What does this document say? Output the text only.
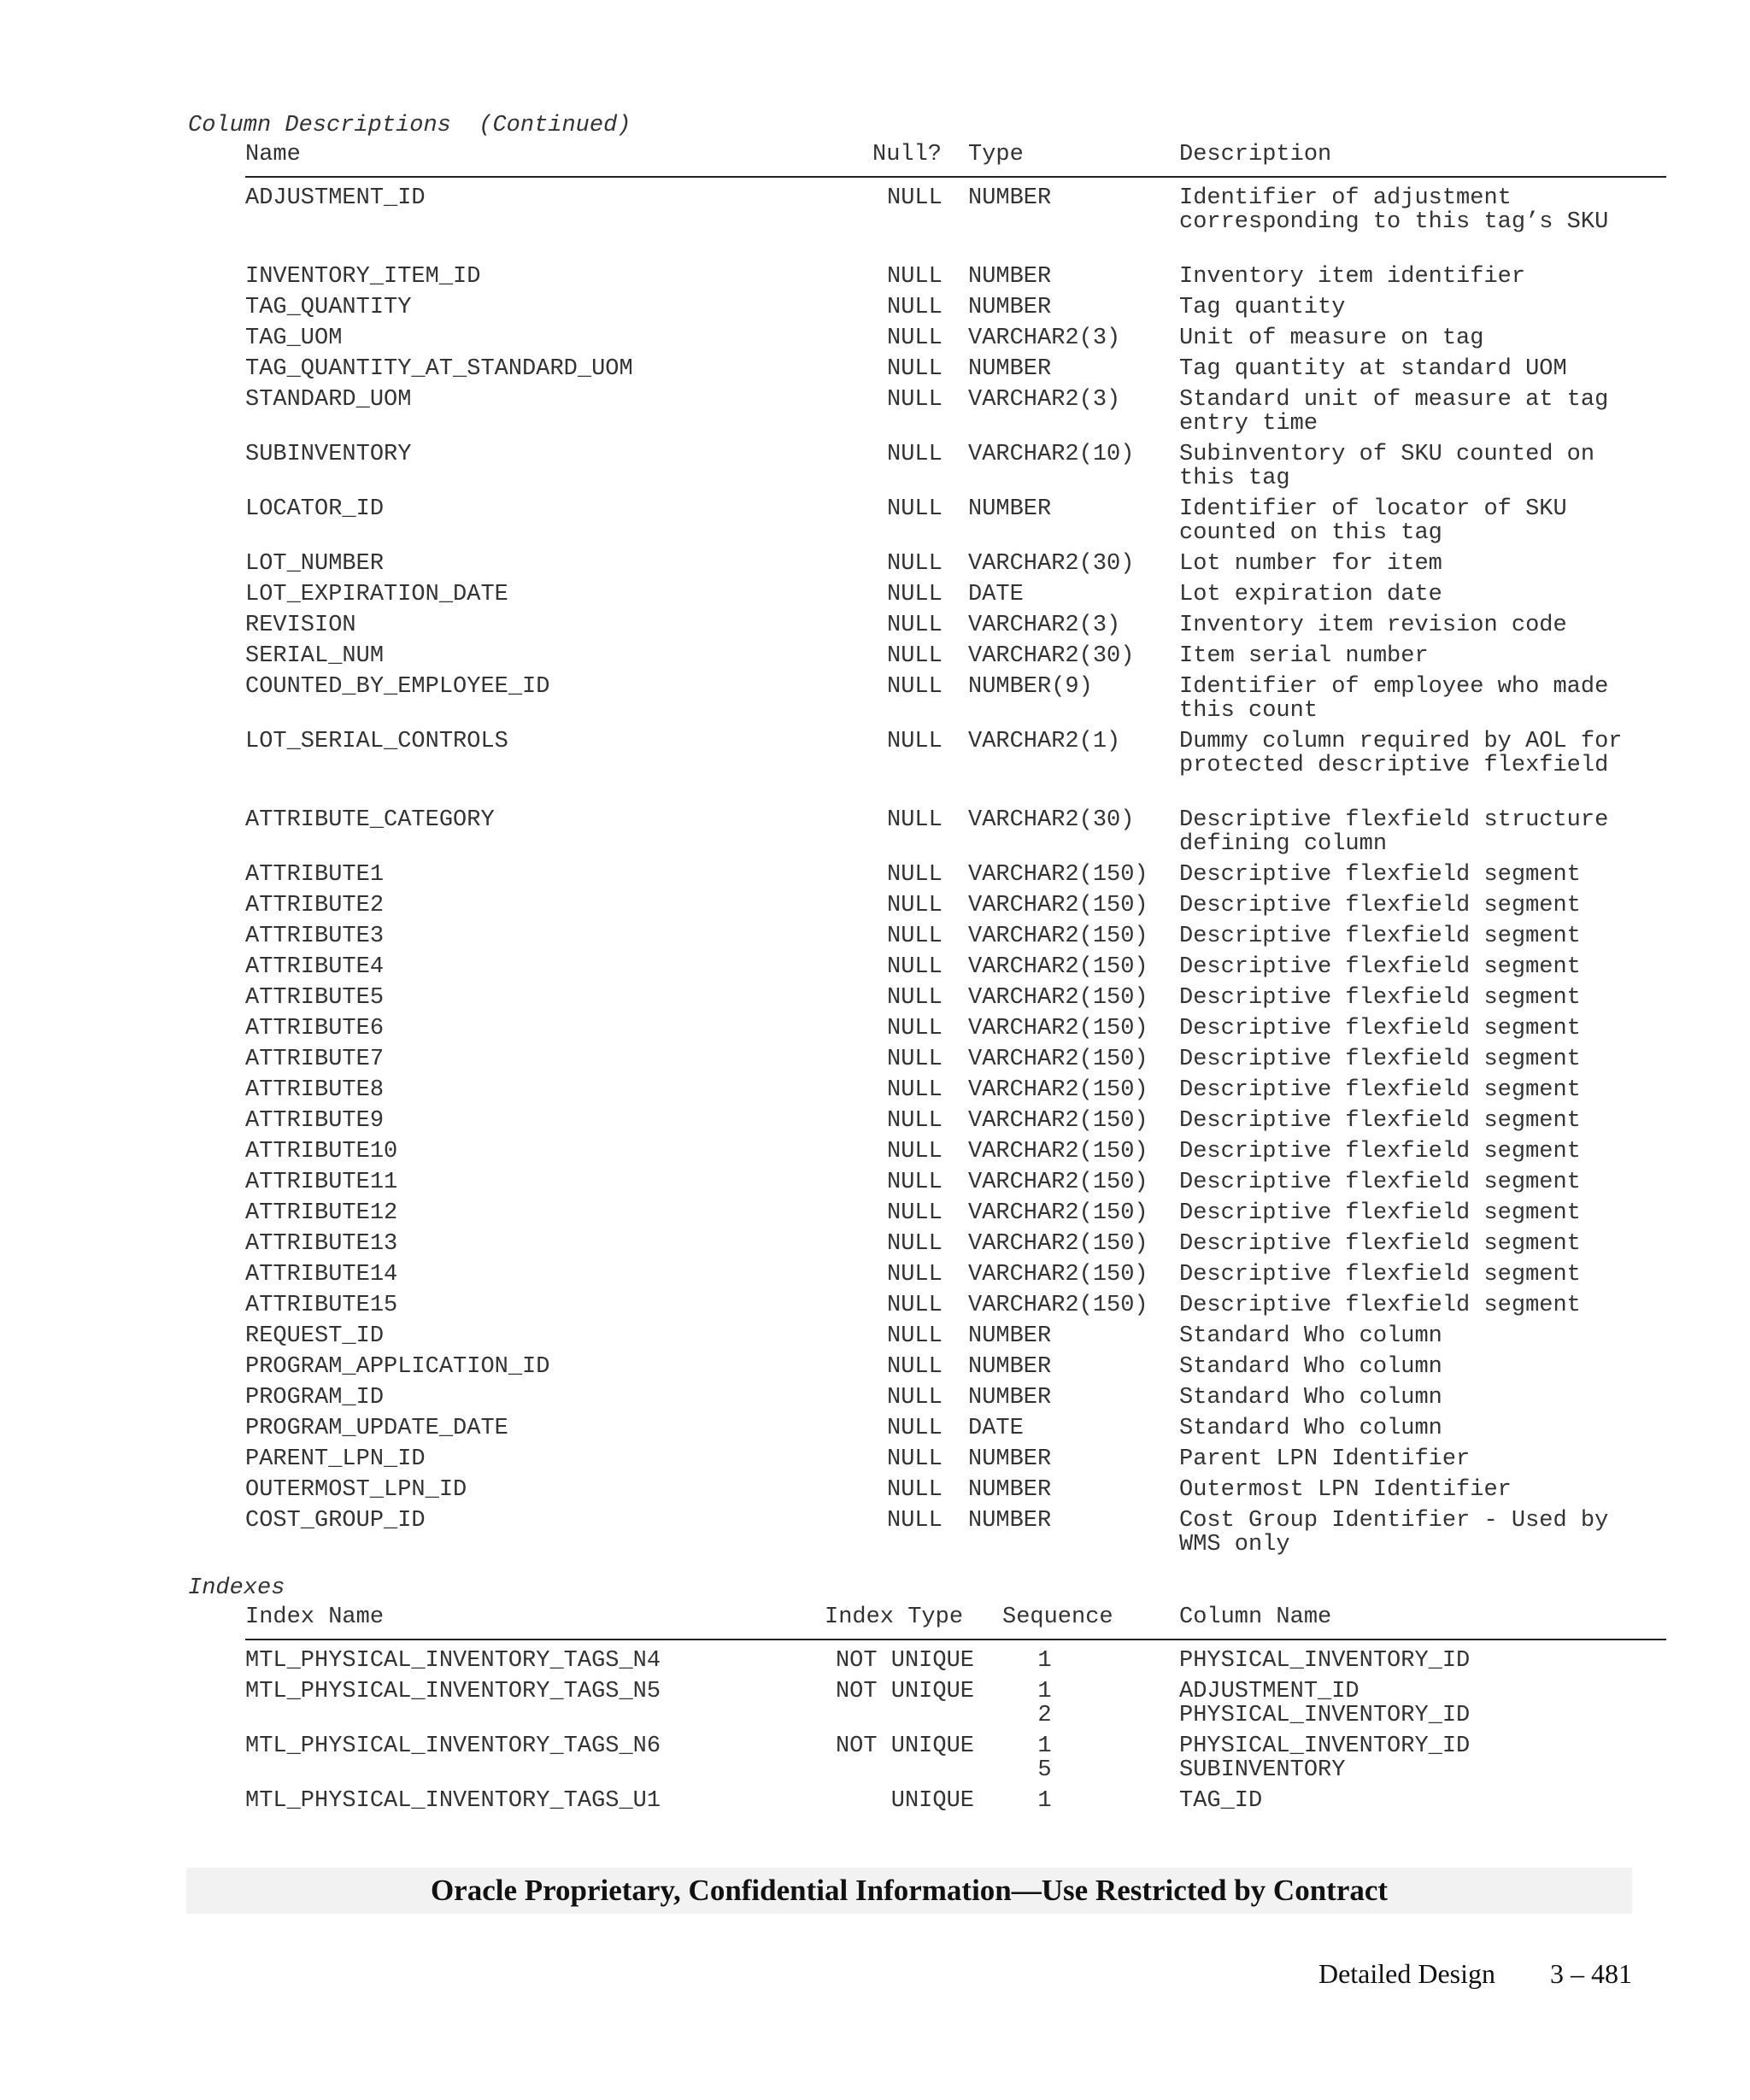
Column Descriptions  (Continued)
Name	Null? Type	Description
ADJUSTMENT_ID	NULL NUMBER	Identifier of adjustment corresponding to this tag’s SKU
INVENTORY_ITEM_ID	NULL NUMBER	Inventory item identifier
TAG_QUANTITY	NULL NUMBER	Tag quantity
TAG_UOM	NULL VARCHAR2(3)	Unit of measure on tag
TAG_QUANTITY_AT_STANDARD_UOM	NULL NUMBER	Tag quantity at standard UOM
STANDARD_UOM	NULL VARCHAR2(3)	Standard unit of measure at tag entry time
SUBINVENTORY	NULL VARCHAR2(10) Subinventory of SKU counted on this tag
LOCATOR_ID	NULL NUMBER	Identifier of locator of SKU counted on this tag
LOT_NUMBER	NULL VARCHAR2(30) Lot number for item
LOT_EXPIRATION_DATE	NULL DATE	Lot expiration date
REVISION	NULL VARCHAR2(3)	Inventory item revision code
SERIAL_NUM	NULL VARCHAR2(30) Item serial number
COUNTED_BY_EMPLOYEE_ID	NULL NUMBER(9)	Identifier of employee who made this count
LOT_SERIAL_CONTROLS	NULL VARCHAR2(1)	Dummy column required by AOL for protected descriptive flexfield
ATTRIBUTE_CATEGORY	NULL VARCHAR2(30) Descriptive flexfield structure defining column
ATTRIBUTE1	NULL VARCHAR2(150) Descriptive flexfield segment
ATTRIBUTE2	NULL VARCHAR2(150) Descriptive flexfield segment
ATTRIBUTE3	NULL VARCHAR2(150) Descriptive flexfield segment
ATTRIBUTE4	NULL VARCHAR2(150) Descriptive flexfield segment
ATTRIBUTE5	NULL VARCHAR2(150) Descriptive flexfield segment
ATTRIBUTE6	NULL VARCHAR2(150) Descriptive flexfield segment
ATTRIBUTE7	NULL VARCHAR2(150) Descriptive flexfield segment
ATTRIBUTE8	NULL VARCHAR2(150) Descriptive flexfield segment
ATTRIBUTE9	NULL VARCHAR2(150) Descriptive flexfield segment
ATTRIBUTE10	NULL VARCHAR2(150) Descriptive flexfield segment
ATTRIBUTE11	NULL VARCHAR2(150) Descriptive flexfield segment
ATTRIBUTE12	NULL VARCHAR2(150) Descriptive flexfield segment
ATTRIBUTE13	NULL VARCHAR2(150) Descriptive flexfield segment
ATTRIBUTE14	NULL VARCHAR2(150) Descriptive flexfield segment
ATTRIBUTE15	NULL VARCHAR2(150) Descriptive flexfield segment
REQUEST_ID	NULL NUMBER	Standard Who column
PROGRAM_APPLICATION_ID	NULL NUMBER	Standard Who column
PROGRAM_ID	NULL NUMBER	Standard Who column
PROGRAM_UPDATE_DATE	NULL DATE	Standard Who column
PARENT_LPN_ID	NULL NUMBER	Parent LPN Identifier
OUTERMOST_LPN_ID	NULL NUMBER	Outermost LPN Identifier
COST_GROUP_ID	NULL NUMBER	Cost Group Identifier - Used by WMS only
Indexes
Index Name	Index Type Sequence	Column Name
MTL_PHYSICAL_INVENTORY_TAGS_N4	NOT UNIQUE	1	PHYSICAL_INVENTORY_ID
MTL_PHYSICAL_INVENTORY_TAGS_N5	NOT UNIQUE	1	ADJUSTMENT_ID
2	PHYSICAL_INVENTORY_ID
MTL_PHYSICAL_INVENTORY_TAGS_N6	NOT UNIQUE	1	PHYSICAL_INVENTORY_ID
5	SUBINVENTORY
MTL_PHYSICAL_INVENTORY_TAGS_U1	UNIQUE	1	TAG_ID
Oracle Proprietary, Confidential Information––Use Restricted by Contract
Detailed Design 3 – 481
